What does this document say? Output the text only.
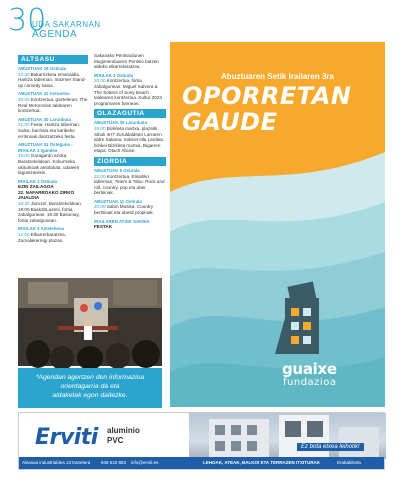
30
UDA SAKARNAN
AGENDA
ALTSASU
ABUZTUAK 18 Ostirala
22:30 Bakarrizketa emanaldia. Haritza tabernan. Inazmer Stand-up comedy saioa.
ABUZTUAK 22 Asteartea
20:00 Kontzertua, gazteleran. The Real McKenzies taldearen kontzertua.
ABUZTUAK 30 Larunbata
21:00 Festa. Haritza tabernan. Salsa, bachata eta karibeko erritmoak dantzatzeko festa.
ABUZTUAK 31 Osteguna - IRAILAK 1 Igandea
19:00 Garagardo azoka. Baratzekoldean. Kokurrreka ukiturkoak antolatuta, udaleen laguntzarekin.
IRAILAK 1 Ostirala
EZIN ZAILAGOA
22. NAFARROAKO ZIRKO JAIALDIA
18:30 Jazuzol, Baratzekoldean. 19:00 Bask2bLazeni, fortia zabalgunean. 19:30 Basumay, fortia zabalgunean.
IRAILAK 3 Astelehena
12:00 Elkarrerbaratzea, Zumalakarregi plazan.
Sakanako Pentsiodunen Mugimenduaren Pentsio batzen aldeko elkarretaratzea.
IRAILAK 4 Ostirala
20:00 Kontzertua, fortia zabalgunean. Miguel Salvera & The Sotters of Sony Beach taldearen kontzertua. Kultur 2023 programaren barnean.
OLAZAGUTIA
ABUZTUAK 25 Larunbata
18:00 Bizikleta martxa, plazatik. Sibuli 4H7 Zuruldaldean Larraren aldre Sakana. Sokiret ella Lardatu bizikei Bizikleta martxa. Bigarren etapa: Otach Abuse.
ZIORDIA
ABUZTUAK 9 Ostirala
22:00 Kontzertua, Elisabko tabernan. Totem & Tabu: Rock and roll, country, pop eta aber bertsinak.
ABUZTUAK 11 Ostirala
20:00 Sabin Musika. Country bertsioak eta abesti propioak.
IRAILAREN ATXIK SAKRIA
FESTAK
*Agendan agertzen den informazioa
orientagarria da eta
aldaketak egon daitezke.
Abuztuaren Setik Irailaren 3ra
OPORRETAN
GAUDE
guaixe
fundazioa
Erviti aluminio
PVC
Ez bota etxea leihotik!
Alsasua industrialdea 13 tranetera 948 510 853 info@erviti.es	LEHOAK, ATEAK, BALKOI ETA TERRAZEN ITXITURAK	Erabakiketa Itxeiteratzen
